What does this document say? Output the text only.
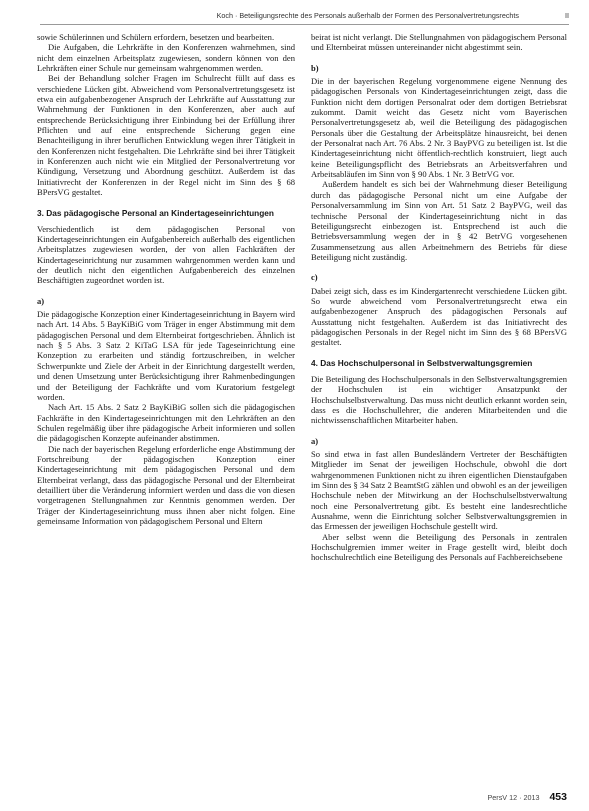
Koch · Beteiligungsrechte des Personals außerhalb der Formen des Personalvertretungsrechts	II

sowie Schülerinnen und Schülern erfordern, besetzen und bearbeiten.

Die Aufgaben, die Lehrkräfte in den Konferenzen wahrnehmen, sind nicht dem einzelnen Arbeitsplatz zugewiesen, sondern können von den Lehrkräften einer Schule nur gemeinsam wahrgenommen werden.

Bei der Behandlung solcher Fragen im Schulrecht füllt auf dass es verschiedene Lücken gibt. Abweichend vom Personalvertretungsgesetz ist etwa ein aufgabenbezogener Anspruch der Lehrkräfte auf Ausstattung zur Wahrnehmung der Funktionen in den Konferenzen, aber auch auf entsprechende Berücksichtigung ihrer Einbindung bei der Erfüllung ihrer Pflichten und auf eine entsprechende Sicherung gegen eine Benachteiligung in ihrer beruflichen Entwicklung wegen ihrer Tätigkeit in den Konferenzen nicht festgehalten. Die Lehrkräfte sind bei ihrer Tätigkeit in Konferenzen auch nicht wie ein Mitglied der Personalvertretung vor Kündigung, Versetzung und Abordnung geschützt. Außerdem ist das Initiativrecht der Konferenzen in der Regel nicht im Sinn des § 68 BPersVG gestaltet.

3. Das pädagogische Personal an Kindertageseinrichtungen

Verschiedentlich ist dem pädagogischen Personal von Kindertageseinrichtungen ein Aufgabenbereich außerhalb des eigentlichen Arbeitsplatzes zugewiesen worden, der von allen Fachkräften der Kindertageseinrichtung nur zusammen wahrgenommen werden kann und der deutlich nicht den eigentlichen Aufgabenbereich des einzelnen Beschäftigten zugeordnet worden ist.

a)

Die pädagogische Konzeption einer Kindertageseinrichtung in Bayern wird nach Art. 14 Abs. 5 BayKiBiG vom Träger in enger Abstimmung mit dem pädagogischen Personal und dem Elternbeirat fortgeschrieben. Ähnlich ist nach § 5 Abs. 3 Satz 2 KiTaG LSA für jede Tageseinrichtung eine Konzeption zu erarbeiten und ständig fortzuschreiben, in welcher Schwerpunkte und Ziele der Arbeit in der Einrichtung dargestellt werden, und denen Umsetzung unter Berücksichtigung ihrer Rahmenbedingungen und der Beteiligung der Fachkräfte und vom Kuratorium festgelegt worden.

Nach Art. 15 Abs. 2 Satz 2 BayKiBiG sollen sich die pädagogischen Fachkräfte in den Kindertageseinrichtungen mit den Lehrkräften an den Schulen regelmäßig über ihre pädagogische Arbeit informieren und sollen die pädagogischen Konzepte aufeinander abstimmen.

Die nach der bayerischen Regelung erforderliche enge Abstimmung der Fortschreibung der pädagogischen Konzeption einer Kindertageseinrichtung mit dem pädagogischen Personal und dem Elternbeirat verlangt, dass das pädagogische Personal und der Elternbeirat detailliert über die Veränderung informiert werden und dass die von diesen vorgetragenen Stellungnahmen zur Kenntnis genommen werden. Der Träger der Kindertageseinrichtung muss ihnen aber nicht folgen. Eine gemeinsame Information von pädagogischem Personal und Eltern

beirat ist nicht verlangt. Die Stellungnahmen von pädagogischem Personal und Elternbeirat müssen untereinander nicht abgestimmt sein.

b)

Die in der bayerischen Regelung vorgenommene eigene Nennung des pädagogischen Personals von Kindertageseinrichtungen zeigt, dass die Funktion nicht dem dortigen Personalrat oder dem dortigen Betriebsrat zukommt. Damit weicht das Gesetz nicht vom Bayerischen Personalvertretungsgesetz ab, weil die Beteiligung des pädagogischen Personals über die Gestaltung der Arbeitsplätze hinausreicht, bei denen der Personalrat nach Art. 76 Abs. 2 Nr. 3 BayPVG zu beteiligen ist. Ist die Kindertageseinrichtung nicht öffentlich-rechtlich konstruiert, liegt auch keine Beteiligungspflicht des Betriebsrats an Arbeitsverfahren und Arbeitsabläufen im Sinn von § 90 Abs. 1 Nr. 3 BetrVG vor.

Außerdem handelt es sich bei der Wahrnehmung dieser Beteiligung durch das pädagogische Personal nicht um eine Aufgabe der Personalversammlung im Sinn von Art. 51 Satz 2 BayPVG, weil das technische Personal der Kindertageseinrichtung nicht in das Beteiligungsrecht einbezogen ist. Entsprechend ist auch die Betriebsversammlung wegen der in § 42 BetrVG vorgesehenen Zusammensetzung aus allen Arbeitnehmern des Betriebs für diese Beteiligung nicht zuständig.

c)

Dabei zeigt sich, dass es im Kindergartenrecht verschiedene Lücken gibt. So wurde abweichend vom Personalvertretungsrecht etwa ein aufgabenbezogener Anspruch des pädagogischen Personals auf Ausstattung nicht festgehalten. Außerdem ist das Initiativrecht des pädagogischen Personals in der Regel nicht im Sinn des § 68 BPersVG gestaltet.

4. Das Hochschulpersonal in Selbstverwaltungsgremien

Die Beteiligung des Hochschulpersonals in den Selbstverwaltungsgremien der Hochschulen ist ein wichtiger Ansatzpunkt der Hochschulselbstverwaltung. Das muss nicht deutlich erkannt worden sein, dass es die Hochschullehrer, die anderen Mitarbeitenden und die nichtwissenschaftlichen Mitarbeiter haben.

a)

So sind etwa in fast allen Bundesländern Vertreter der Beschäftigten Mitglieder im Senat der jeweiligen Hochschule, obwohl die dort wahrgenommenen Funktionen nicht zu ihren eigentlichen Dienstaufgaben im Sinn des § 34 Satz 2 BeamtStG zählen und obwohl es an der jeweiligen Hochschule neben der Mitwirkung an der Hochschulselbstverwaltung noch eine Personalvertretung gibt. Es besteht eine landesrechtliche Ausnahme, wenn die Einrichtung solcher Selbstverwaltungsgremien in das Ermessen der jeweiligen Hochschule gestellt wird.

Aber selbst wenn die Beteiligung des Personals in zentralen Hochschulgremien immer weiter in Frage gestellt wird, bleibt doch hochschulrechtlich eine Beteiligung des Personals auf Fachbereichsebene

PersV 12 · 2013 453
